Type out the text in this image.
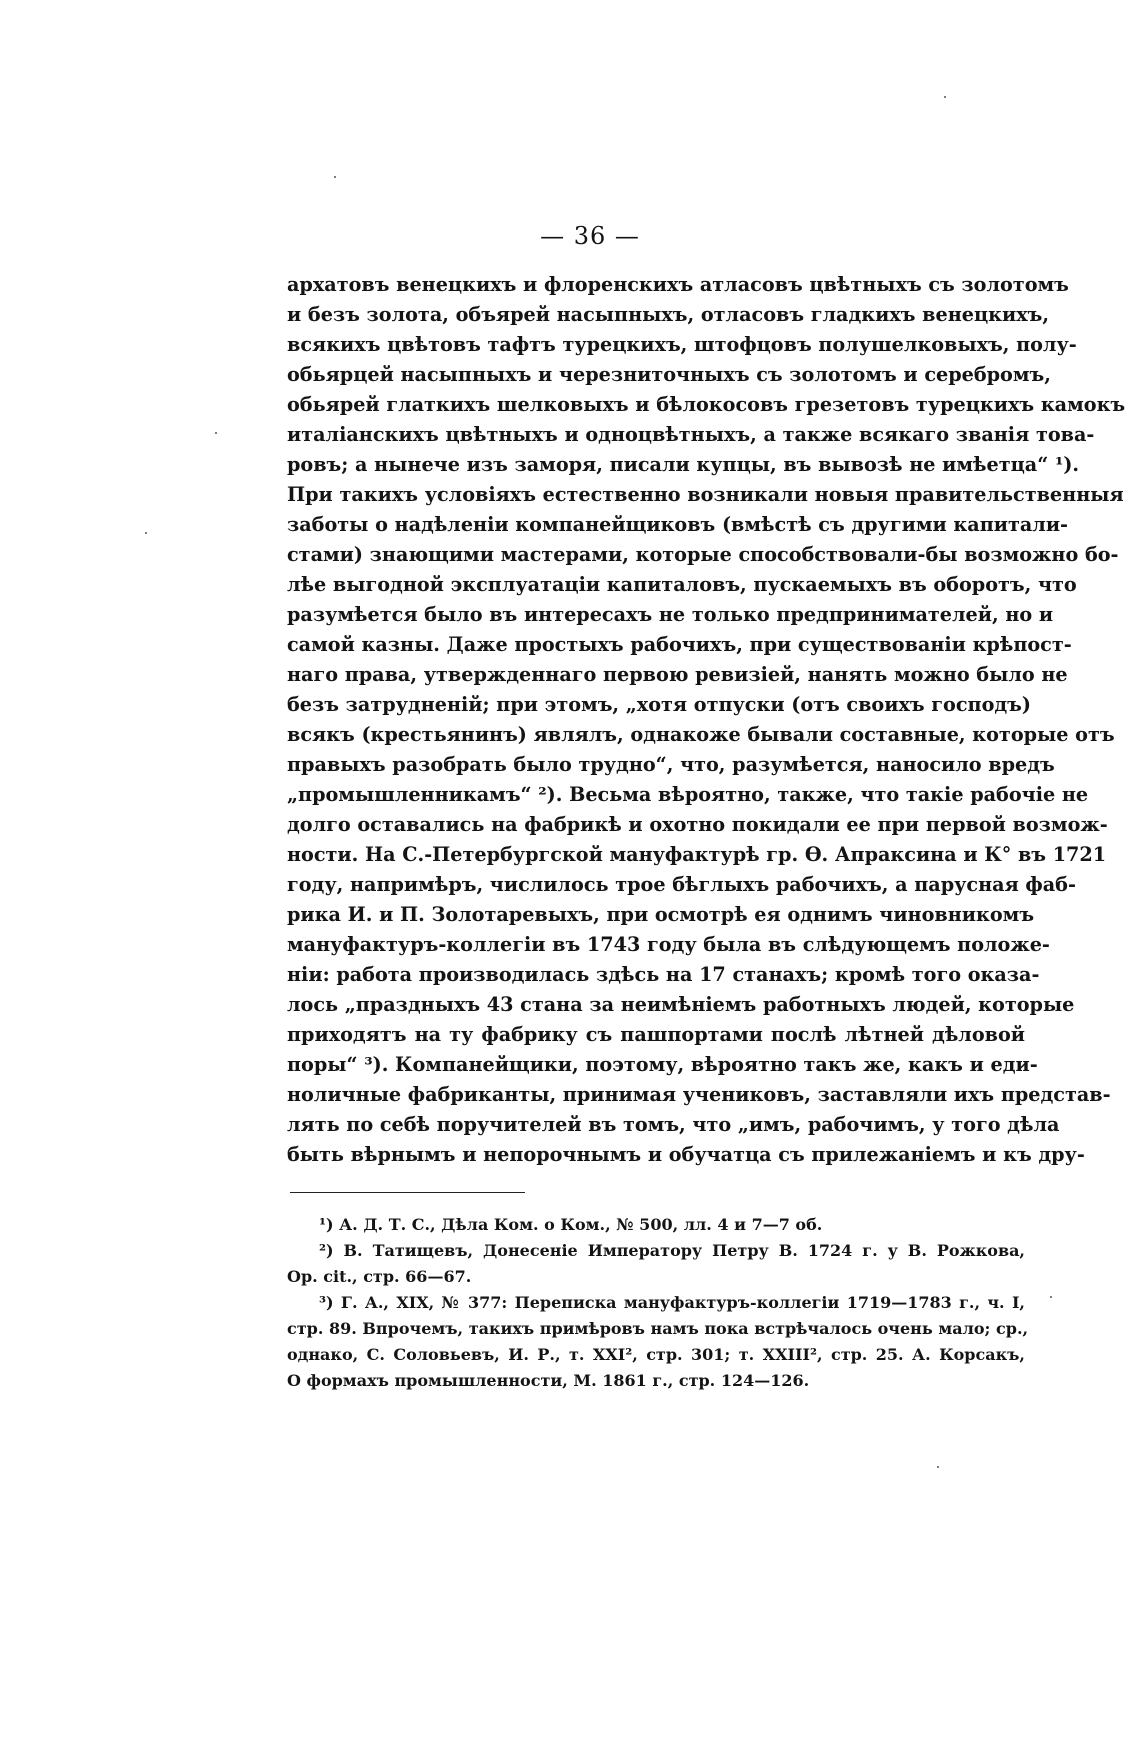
— 36 —
архатовъ венецкихъ и флоренскихъ атласовъ цвѣтныхъ съ золотомъ
и безъ золота, объярей насыпныхъ, отласовъ гладкихъ венецкихъ,
всякихъ цвѣтовъ тафтъ турецкихъ, штофцовъ полушелковыхъ, полу-
обьярцей насыпныхъ и черезниточныхъ съ золотомъ и серебромъ,
обьярей глаткихъ шелковыхъ и бѣлокосовъ грезетовъ турецкихъ камокъ
италіанскихъ цвѣтныхъ и одноцвѣтныхъ, а также всякаго званія това-
ровъ; а нынече изъ заморя, писали купцы, въ вывозѣ не имѣетца“ ¹).
При такихъ условіяхъ естественно возникали новыя правительственныя
заботы о надѣленіи компанейщиковъ (вмѣстѣ съ другими капитали-
стами) знающими мастерами, которые способствовали-бы возможно бо-
лѣе выгодной эксплуатаціи капиталовъ, пускаемыхъ въ оборотъ, что
разумѣется было въ интересахъ не только предпринимателей, но и
самой казны. Даже простыхъ рабочихъ, при существованіи крѣпост-
наго права, утвержденнаго первою ревизіей, нанять можно было не
безъ затрудненій; при этомъ, „хотя отпуски (отъ своихъ господъ)
всякъ (крестьянинъ) являлъ, однакоже бывали составные, которые отъ
правыхъ разобрать было трудно“, что, разумѣется, наносило вредъ
„промышленникамъ“ ²). Весьма вѣроятно, также, что такіе рабочіе не
долго оставались на фабрикѣ и охотно покидали ее при первой возмож-
ности. На С.-Петербургской мануфактурѣ гр. Ѳ. Апраксина и К° въ 1721
году, напримѣръ, числилось трое бѣглыхъ рабочихъ, а парусная фаб-
рика И. и П. Золотаревыхъ, при осмотрѣ ея однимъ чиновникомъ
мануфактуръ-коллегіи въ 1743 году была въ слѣдующемъ положе-
ніи: работа производилась здѣсь на 17 станахъ; кромѣ того оказа-
лось „праздныхъ 43 стана за неимѣніемъ работныхъ людей, которые
приходятъ на ту фабрику съ пашпортами послѣ лѣтней дѣловой
поры“ ³). Компанейщики, поэтому, вѣроятно такъ же, какъ и еди-
ноличные фабриканты, принимая учениковъ, заставляли ихъ представ-
лять по себѣ поручителей въ томъ, что „имъ, рабочимъ, у того дѣла
быть вѣрнымъ и непорочнымъ и обучатца съ прилежаніемъ и къ дру-
¹) А. Д. Т. С., Дѣла Ком. о Ком., № 500, лл. 4 и 7—7 об.
²) В. Татищевъ, Донесеніе Императору Петру В. 1724 г. у В. Рожкова,
Op. cit., стр. 66—67.
³) Г. А., XIX, № 377: Переписка мануфактуръ-коллегіи 1719—1783 г., ч. I,
стр. 89. Впрочемъ, такихъ примѣровъ намъ пока встрѣчалось очень мало; ср.,
однако, С. Соловьевъ, И. Р., т. XXI², стр. 301; т. XXIII², стр. 25. А. Корсакъ,
О формахъ промышленности, М. 1861 г., стр. 124—126.
